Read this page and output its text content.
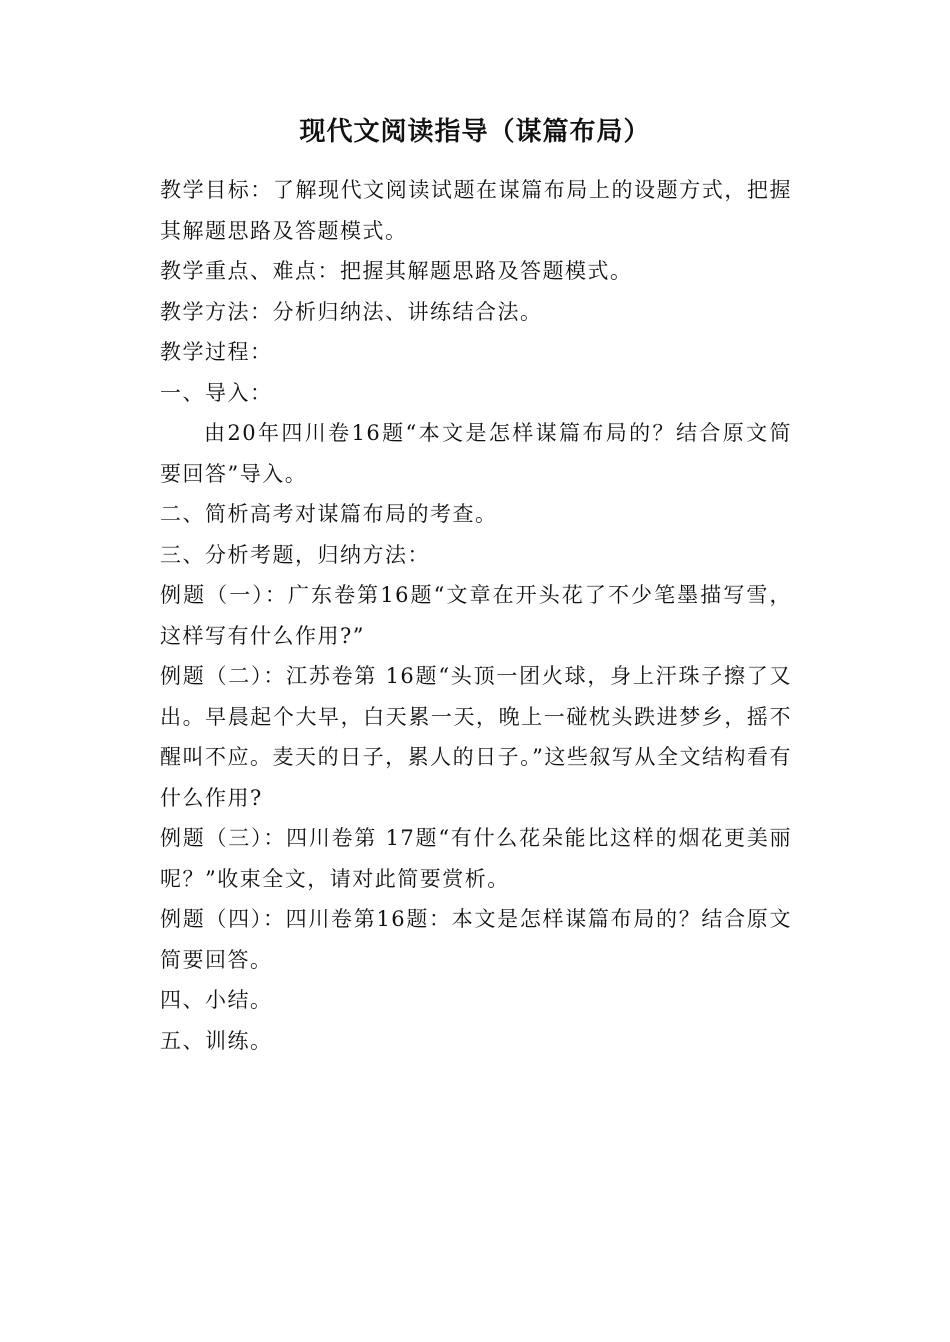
现代文阅读指导（谋篇布局）

教学目标：了解现代文阅读试题在谋篇布局上的设题方式，把握其解题思路及答题模式。

教学重点、难点：把握其解题思路及答题模式。

教学方法：分析归纳法、讲练结合法。

教学过程：

一、导入：

由20年四川卷16题“本文是怎样谋篇布局的？结合原文简要回答”导入。

二、简析高考对谋篇布局的考查。

三、分析考题，归纳方法：

例题（一）：广东卷第16题“文章在开头花了不少笔墨描写雪，这样写有什么作用?”

例题（二）：江苏卷第 16题“头顶一团火球，身上汗珠子擦了又出。早晨起个大早，白天累一天，晚上一碰枕头跌进梦乡，摇不醒叫不应。麦天的日子，累人的日子。”这些叙写从全文结构看有什么作用?

例题（三）：四川卷第 17题“有什么花朵能比这样的烟花更美丽呢？”收束全文，请对此简要赏析。

例题（四）：四川卷第16题：本文是怎样谋篇布局的？结合原文简要回答。

四、小结。

五、训练。
